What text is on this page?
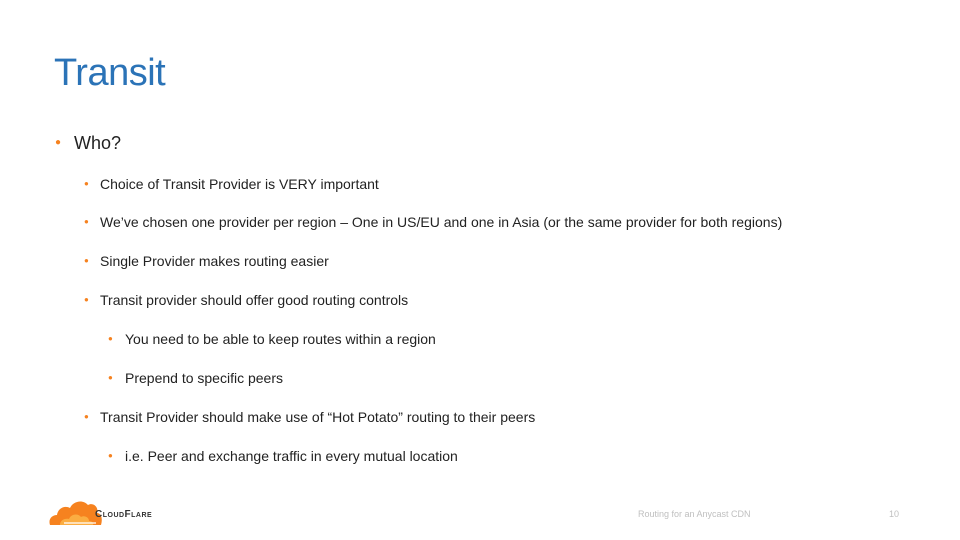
Transit
● Who?
● Choice of Transit Provider is VERY important
● We’ve chosen one provider per region – One in US/EU and one in Asia (or the same provider for both regions)
● Single Provider makes routing easier
● Transit provider should offer good routing controls
● You need to be able to keep routes within a region
● Prepend to specific peers
● Transit Provider should make use of “Hot Potato” routing to their peers
● i.e. Peer and exchange traffic in every mutual location
CloudFlare	Routing for an Anycast CDN	10
